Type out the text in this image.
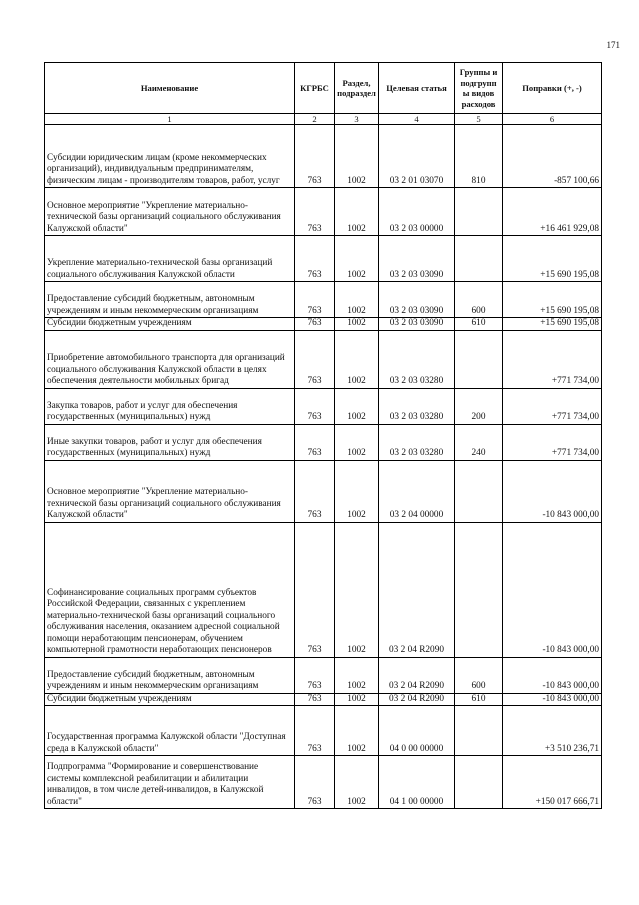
171
Наименование	КГРБС	Раздел, подраздел	Целевая статья	Группы и подгрупп ы видов расходов	Поправки (+, -)
1	2	3	4	5	6
Субсидии юридическим лицам (кроме некоммерческих организаций), индивидуальным предпринимателям, физическим лицам - производителям товаров, работ, услуг	763	1002	03 2 01 03070	810	-857 100,66
Основное мероприятие "Укрепление материально-технической базы организаций социального обслуживания Калужской области"	763	1002	03 2 03 00000		+16 461 929,08
Укрепление материально-технической базы организаций социального обслуживания Калужской области	763	1002	03 2 03 03090		+15 690 195,08
Предоставление субсидий бюджетным, автономным учреждениям и иным некоммерческим организациям	763	1002	03 2 03 03090	600	+15 690 195,08
Субсидии бюджетным учреждениям	763	1002	03 2 03 03090	610	+15 690 195,08
Приобретение автомобильного транспорта для организаций социального обслуживания Калужской области в целях обеспечения деятельности мобильных бригад	763	1002	03 2 03 03280		+771 734,00
Закупка товаров, работ и услуг для обеспечения государственных (муниципальных) нужд	763	1002	03 2 03 03280	200	+771 734,00
Иные закупки товаров, работ и услуг для обеспечения государственных (муниципальных) нужд	763	1002	03 2 03 03280	240	+771 734,00
Основное мероприятие "Укрепление материально-технической базы организаций социального обслуживания Калужской области"	763	1002	03 2 04 00000		-10 843 000,00
Софинансирование социальных программ субъектов Российской Федерации, связанных с укреплением материально-технической базы организаций социального обслуживания населения, оказанием адресной социальной помощи неработающим пенсионерам, обучением компьютерной грамотности неработающих пенсионеров	763	1002	03 2 04 R2090		-10 843 000,00
Предоставление субсидий бюджетным, автономным учреждениям и иным некоммерческим организациям	763	1002	03 2 04 R2090	600	-10 843 000,00
Субсидии бюджетным учреждениям	763	1002	03 2 04 R2090	610	-10 843 000,00
Государственная программа Калужской области "Доступная среда в Калужской области"	763	1002	04 0 00 00000		+3 510 236,71
Подпрограмма "Формирование и совершенствование системы комплексной реабилитации и абилитации инвалидов, в том числе детей-инвалидов, в Калужской области"	763	1002	04 1 00 00000		+150 017 666,71
